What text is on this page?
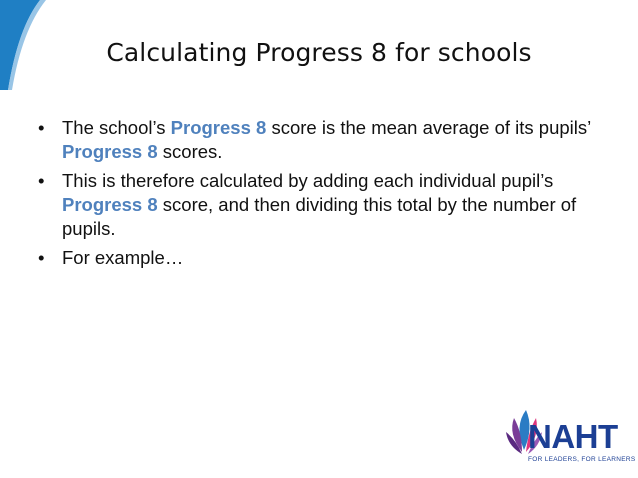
Calculating Progress 8 for schools
• The school’s Progress 8 score is the mean average of its pupils’ Progress 8 scores.
• This is therefore calculated by adding each individual pupil’s Progress 8 score, and then dividing this total by the number of pupils.
• For example…
NAHT
FOR LEADERS, FOR LEARNERS
